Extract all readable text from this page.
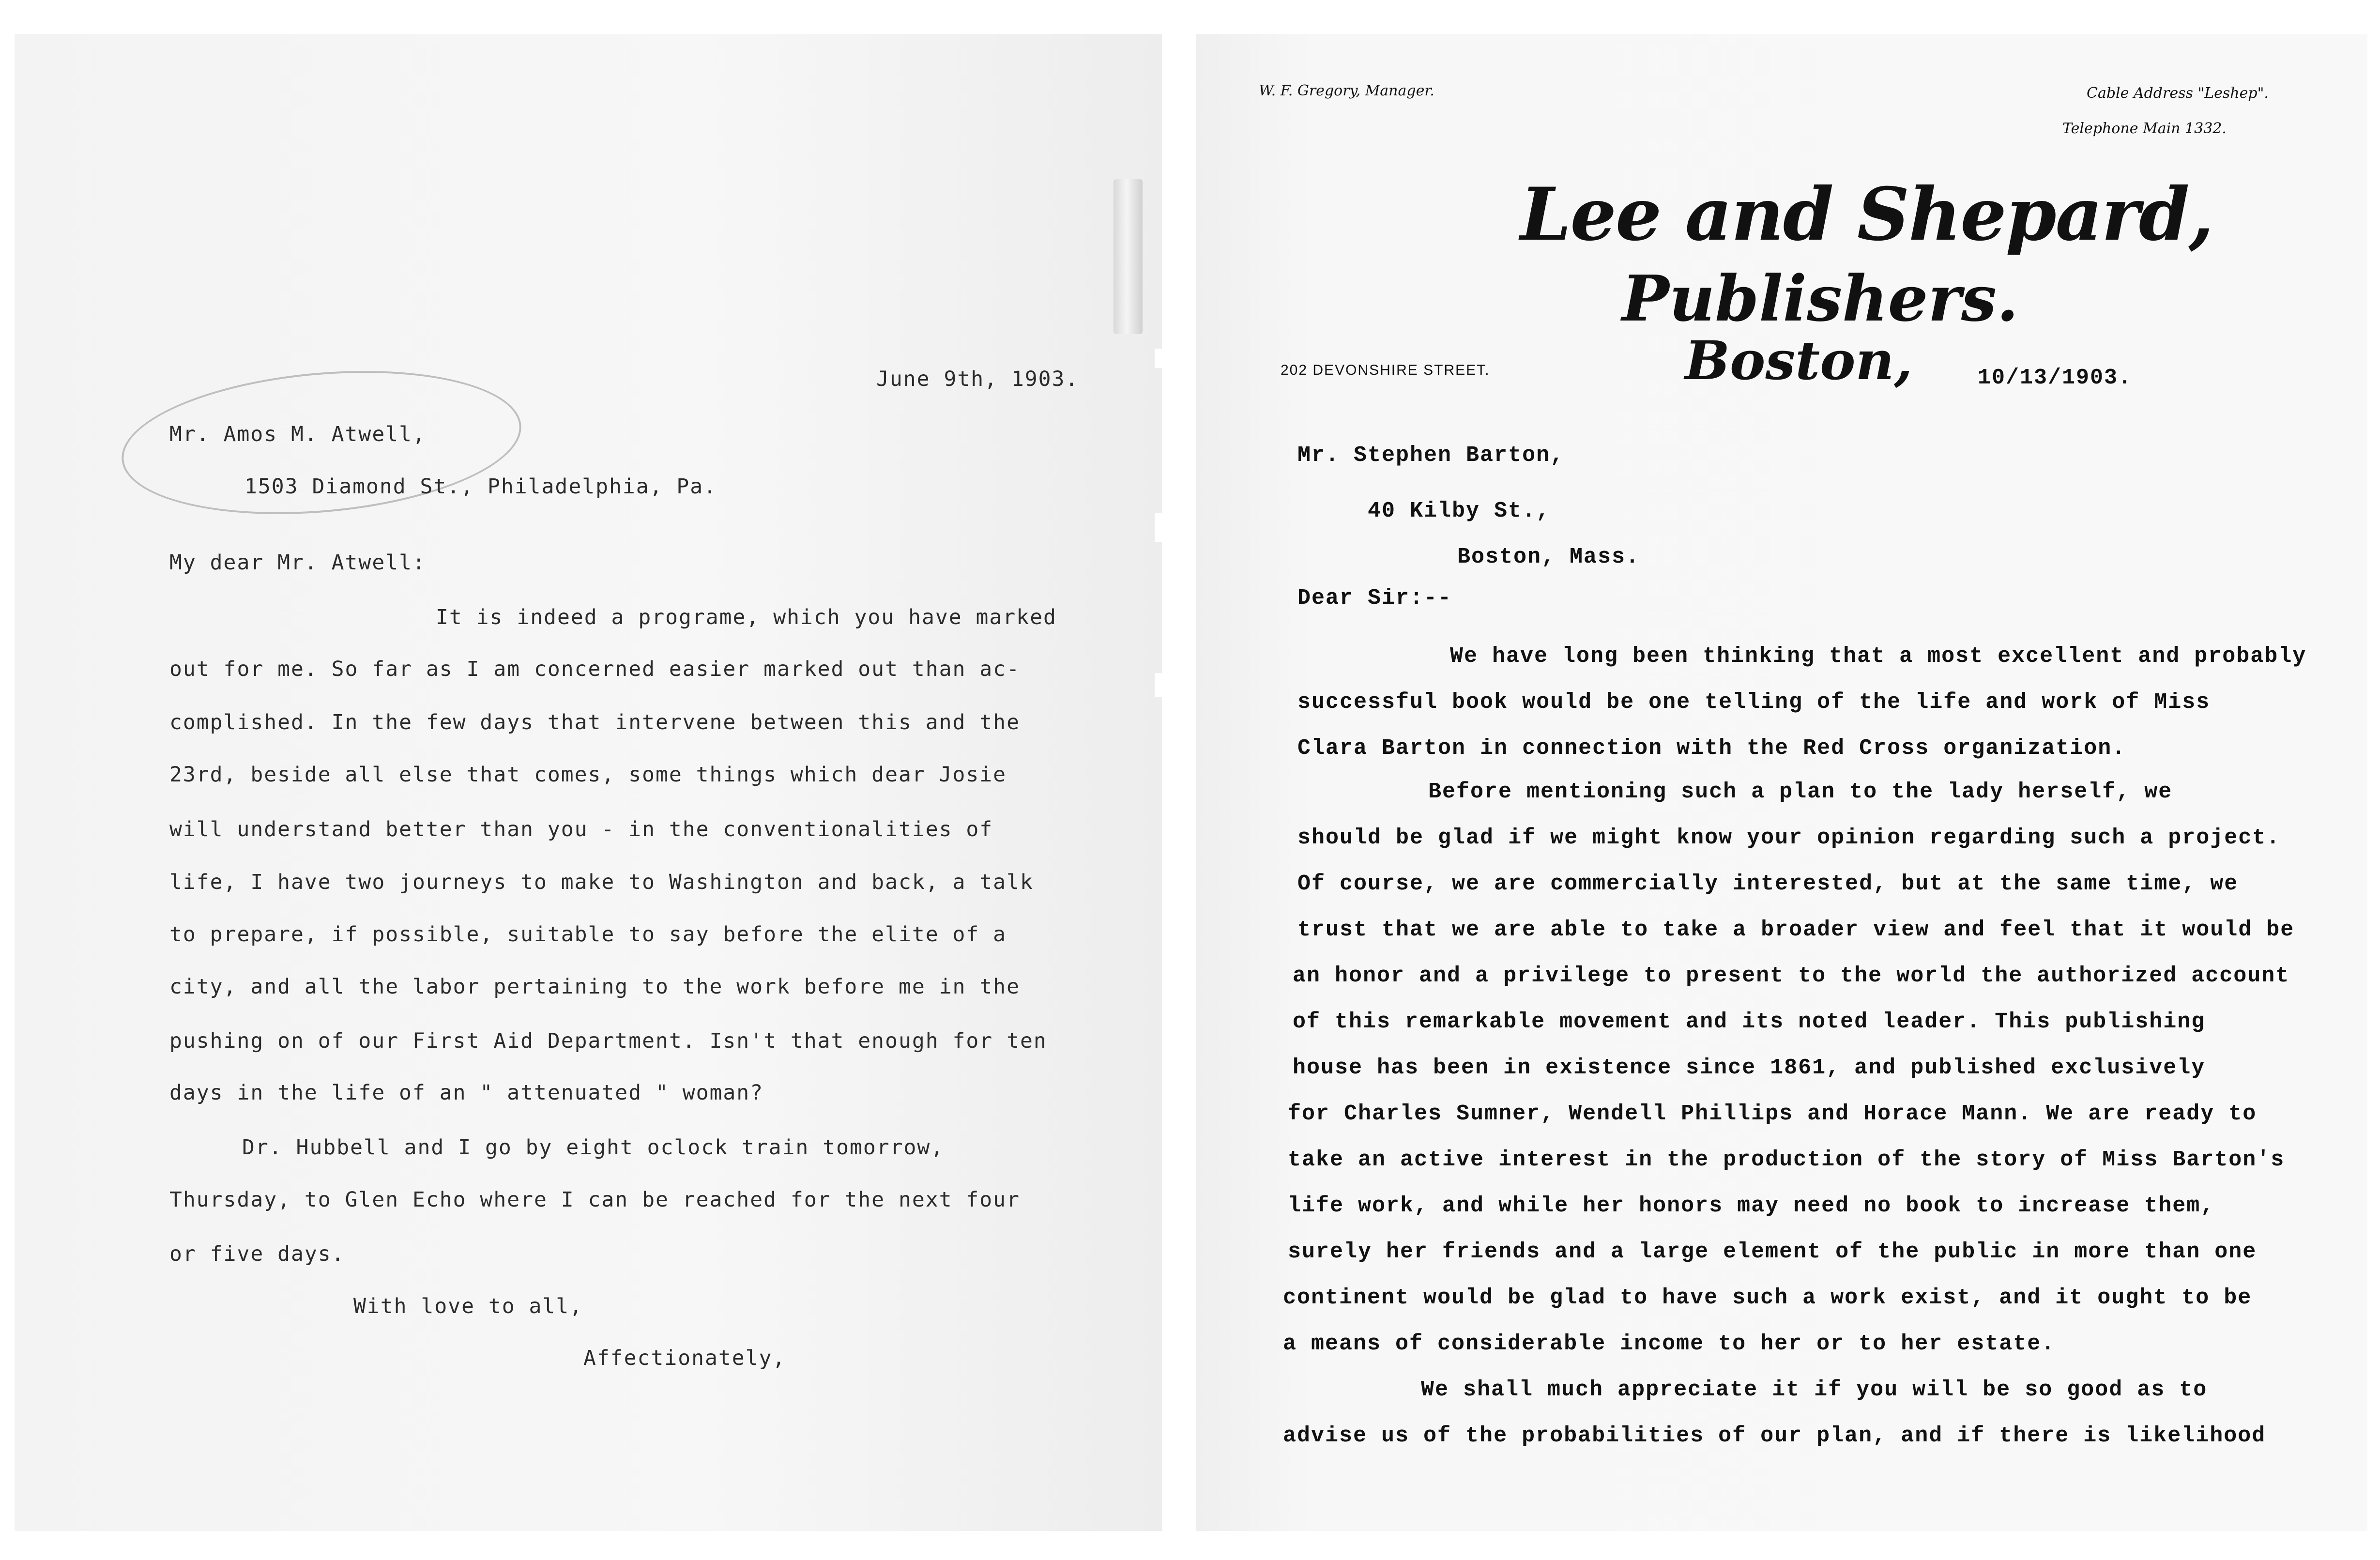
June 9th, 1903.
Mr. Amos M. Atwell,
1503 Diamond St., Philadelphia, Pa.
My dear Mr. Atwell:
It is indeed a programe, which you have marked
out for me. So far as I am concerned easier marked out than ac-
complished. In the few days that intervene between this and the
23rd, beside all else that comes, some things which dear Josie
will understand better than you - in the conventionalities of
life, I have two journeys to make to Washington and back, a talk
to prepare, if possible, suitable to say before the elite of a
city, and all the labor pertaining to the work before me in the
pushing on of our First Aid Department. Isn't that enough for ten
days in the life of an " attenuated " woman?
Dr. Hubbell and I go by eight oclock train tomorrow,
Thursday, to Glen Echo where I can be reached for the next four
or five days.
With love to all,
Affectionately,
W. F. Gregory, Manager.	Cable Address "Leshep".
Telephone Main 1332.
Lee and Shepard,
Publishers.
202 DEVONSHIRE STREET.	Boston,	10/13/1903.
Mr. Stephen Barton,
40 Kilby St.,
Boston, Mass.
Dear Sir:--
We have long been thinking that a most excellent and probably
successful book would be one telling of the life and work of Miss
Clara Barton in connection with the Red Cross organization.
Before mentioning such a plan to the lady herself, we
should be glad if we might know your opinion regarding such a project.
Of course, we are commercially interested, but at the same time, we
trust that we are able to take a broader view and feel that it would be
an honor and a privilege to present to the world the authorized account
of this remarkable movement and its noted leader. This publishing
house has been in existence since 1861, and published exclusively
for Charles Sumner, Wendell Phillips and Horace Mann. We are ready to
take an active interest in the production of the story of Miss Barton's
life work, and while her honors may need no book to increase them,
surely her friends and a large element of the public in more than one
continent would be glad to have such a work exist, and it ought to be
a means of considerable income to her or to her estate.
We shall much appreciate it if you will be so good as to
advise us of the probabilities of our plan, and if there is likelihood
